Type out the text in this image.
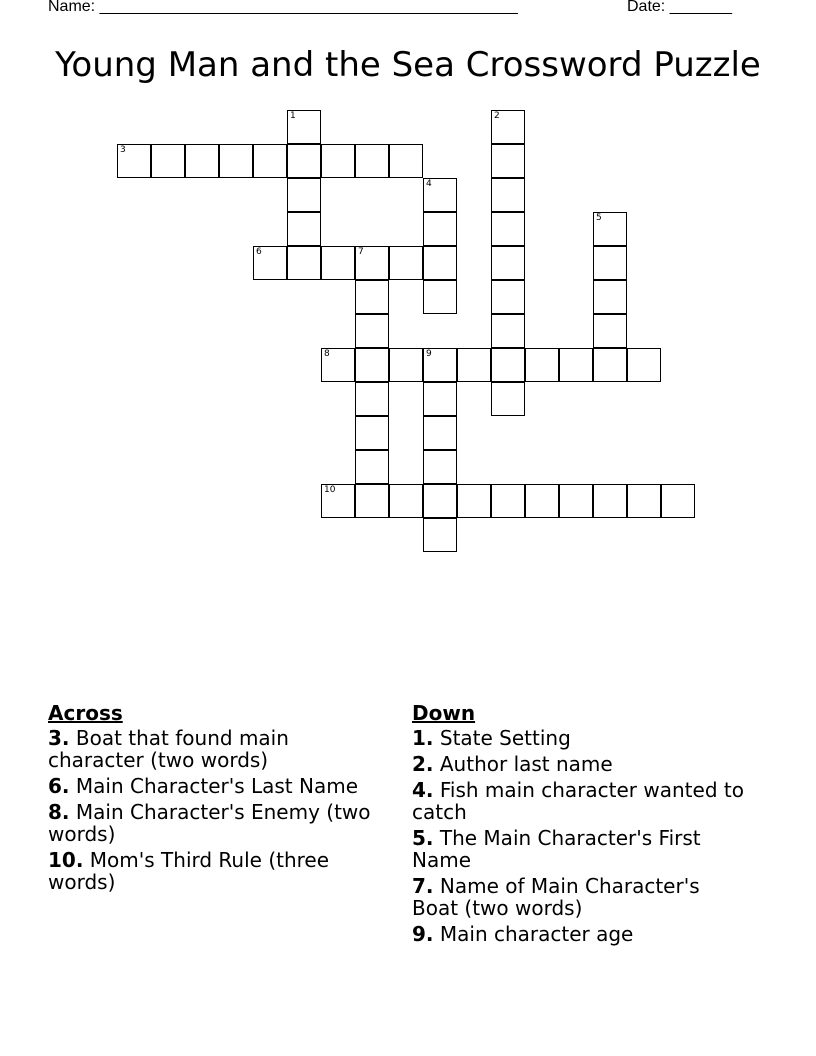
Name: _______________________________________________	Date: _______
Young Man and the Sea Crossword Puzzle
1	2
3
4
5
6	7
8	9
10
Across
3. Boat that found main character (two words)
6. Main Character's Last Name
8. Main Character's Enemy (two words)
10. Mom's Third Rule (three words)
Down
1. State Setting
2. Author last name
4. Fish main character wanted to catch
5. The Main Character's First Name
7. Name of Main Character's Boat (two words)
9. Main character age
